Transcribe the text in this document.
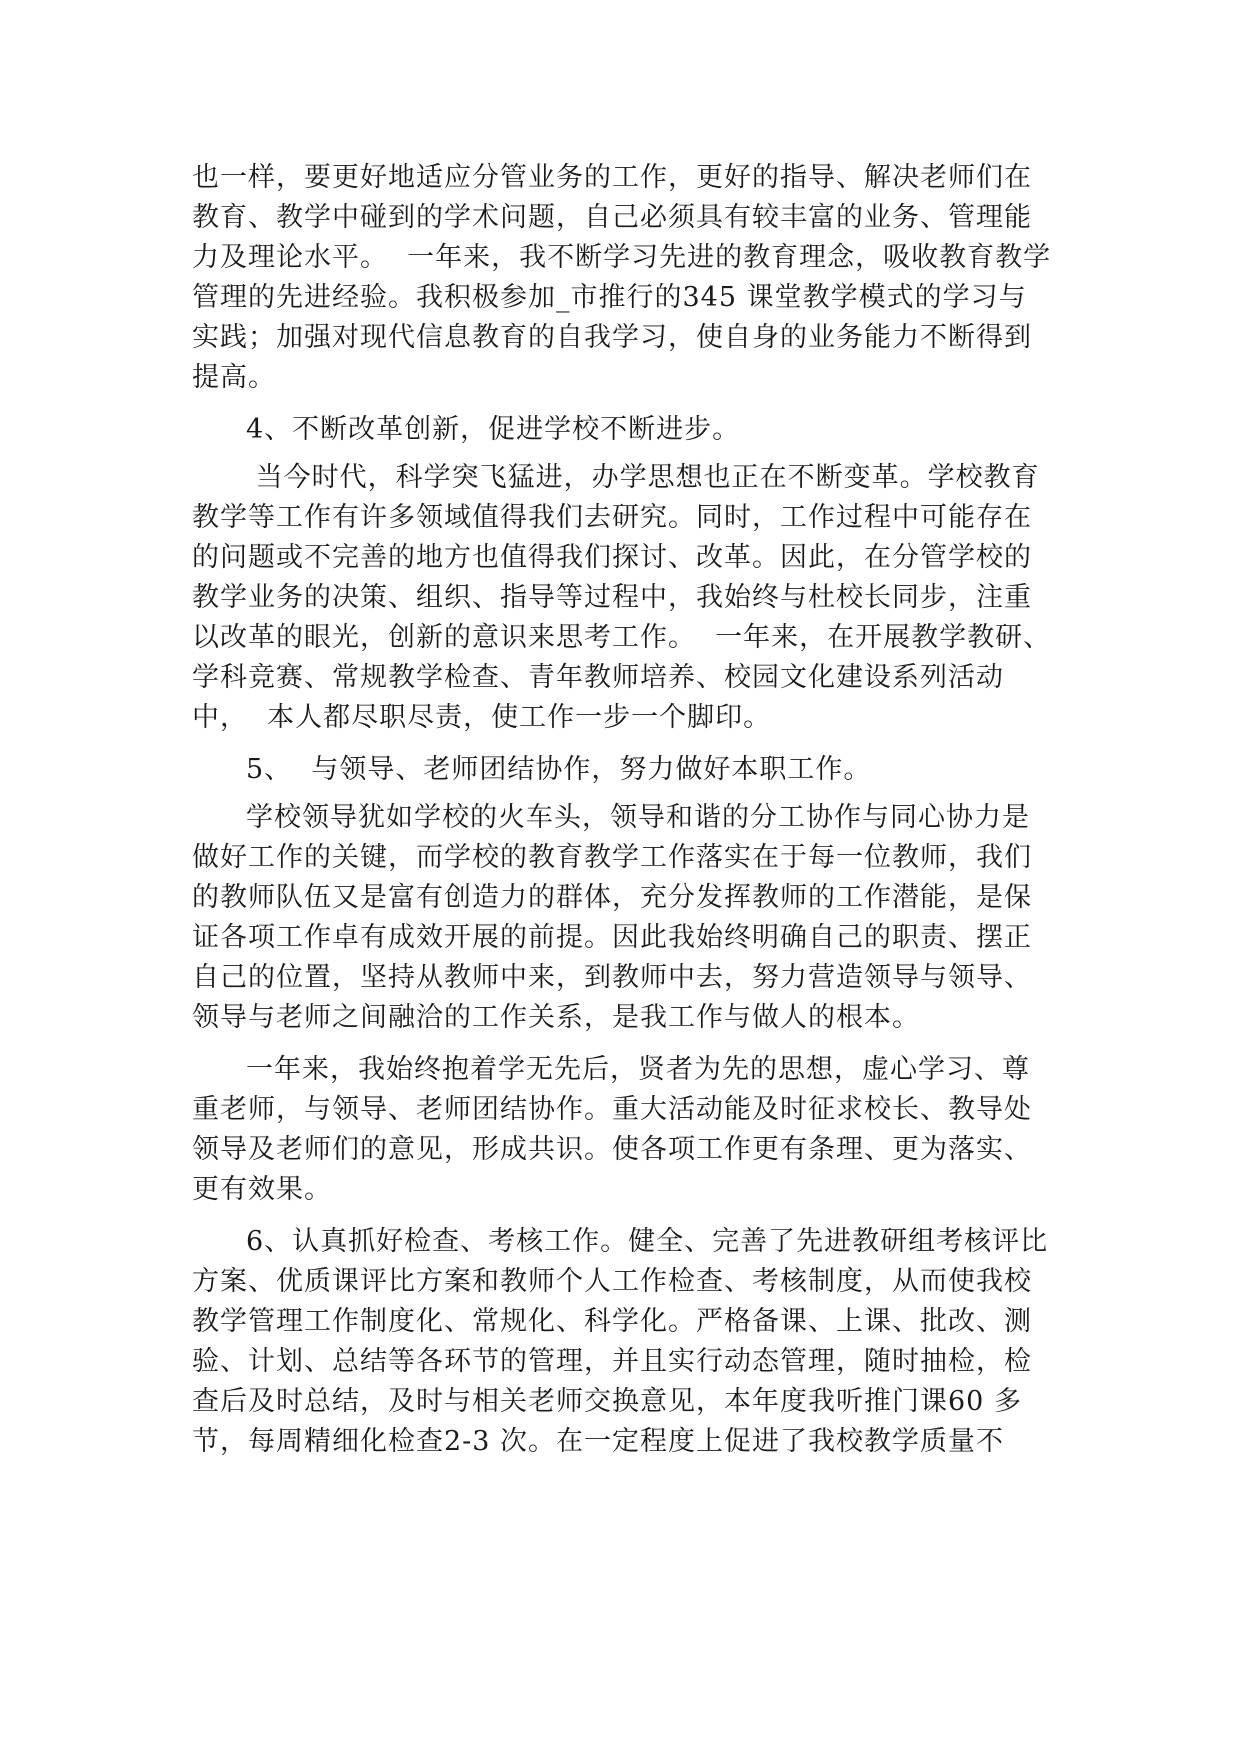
也一样，要更好地适应分管业务的工作，更好的指导、解决老师们在教育、教学中碰到的学术问题，自己必须具有较丰富的业务、管理能力及理论水平。  一年来，我不断学习先进的教育理念，吸收教育教学 管理的先进经验。我积极参加_市推行的345 课堂教学模式的学习与 实践；加强对现代信息教育的自我学习，使自身的业务能力不断得到 提高。

4、不断改革创新，促进学校不断进步。

当今时代，科学突飞猛进，办学思想也正在不断变革。学校教育教学等工作有许多领域值得我们去研究。同时，工作过程中可能存在的问题或不完善的地方也值得我们探讨、改革。因此，在分管学校的教学业务的决策、组织、指导等过程中，我始终与杜校长同步，注重以改革的眼光，创新的意识来思考工作。  一年来，在开展教学教研、 学科竞赛、常规教学检查、青年教师培养、校园文化建设系列活动中，  本人都尽职尽责，使工作一步一个脚印。

5、  与领导、老师团结协作，努力做好本职工作。

学校领导犹如学校的火车头，领导和谐的分工协作与同心协力是做好工作的关键，而学校的教育教学工作落实在于每一位教师，我们的教师队伍又是富有创造力的群体，充分发挥教师的工作潜能，是保证各项工作卓有成效开展的前提。因此我始终明确自己的职责、摆正自己的位置，坚持从教师中来，到教师中去，努力营造领导与领导、领导与老师之间融洽的工作关系，是我工作与做人的根本。

一年来，我始终抱着学无先后，贤者为先的思想，虚心学习、尊重老师，与领导、老师团结协作。重大活动能及时征求校长、教导处领导及老师们的意见，形成共识。使各项工作更有条理、更为落实、更有效果。

6、认真抓好检查、考核工作。健全、完善了先进教研组考核评比方案、优质课评比方案和教师个人工作检查、考核制度，从而使我校教学管理工作制度化、常规化、科学化。严格备课、上课、批改、测验、计划、总结等各环节的管理，并且实行动态管理，随时抽检，检查后及时总结，及时与相关老师交换意见，本年度我听推门课60 多节，每周精细化检查2-3 次。在一定程度上促进了我校教学质量不
